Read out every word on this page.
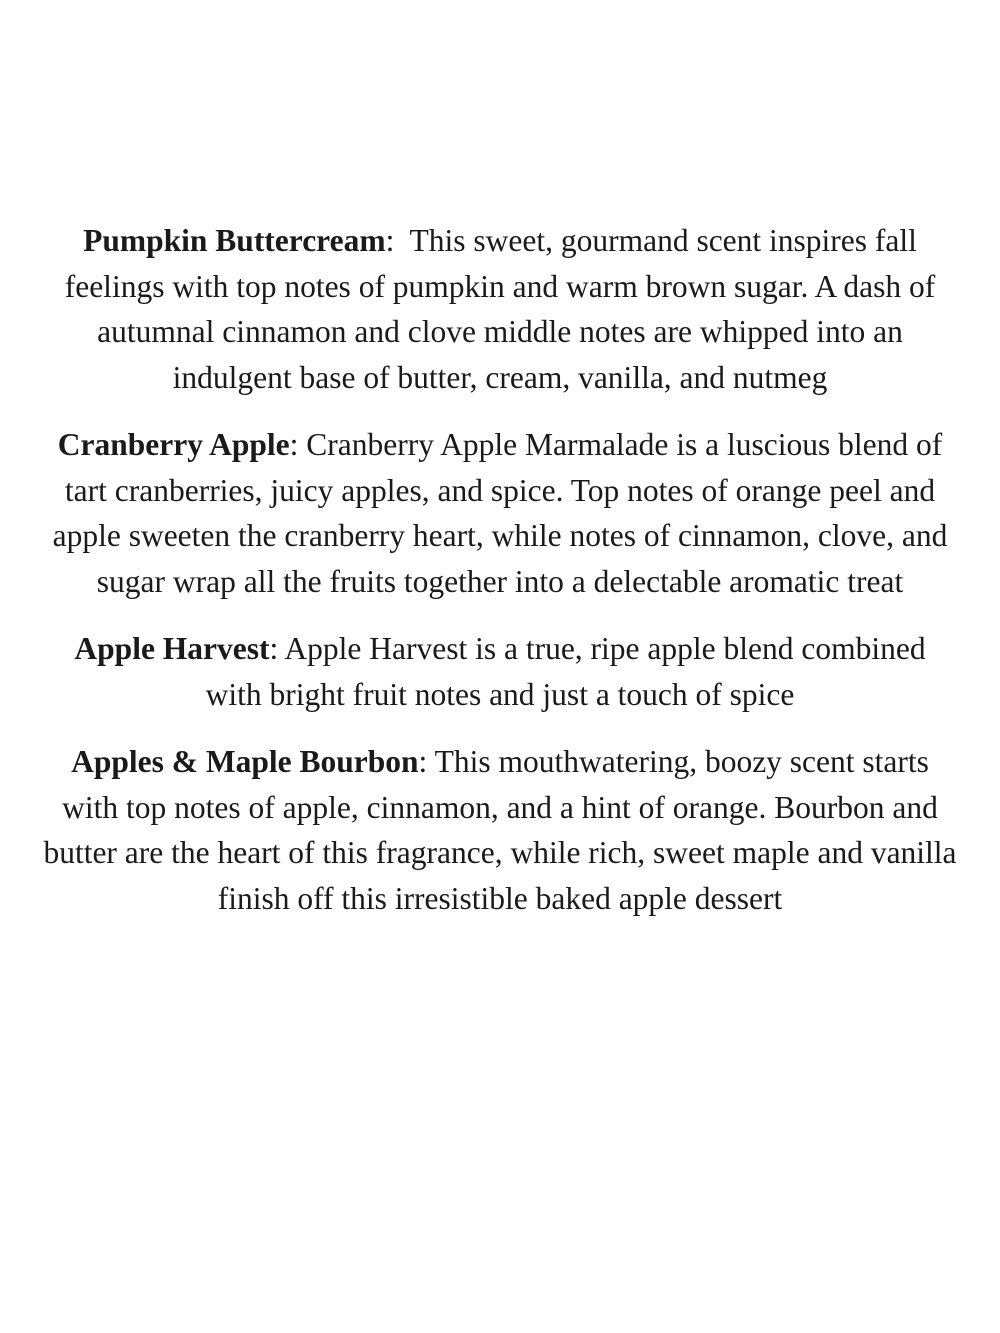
Pumpkin Buttercream:  This sweet, gourmand scent inspires fall feelings with top notes of pumpkin and warm brown sugar. A dash of autumnal cinnamon and clove middle notes are whipped into an indulgent base of butter, cream, vanilla, and nutmeg

Cranberry Apple: Cranberry Apple Marmalade is a luscious blend of tart cranberries, juicy apples, and spice. Top notes of orange peel and apple sweeten the cranberry heart, while notes of cinnamon, clove, and sugar wrap all the fruits together into a delectable aromatic treat

Apple Harvest: Apple Harvest is a true, ripe apple blend combined with bright fruit notes and just a touch of spice

Apples & Maple Bourbon: This mouthwatering, boozy scent starts with top notes of apple, cinnamon, and a hint of orange. Bourbon and butter are the heart of this fragrance, while rich, sweet maple and vanilla finish off this irresistible baked apple dessert
